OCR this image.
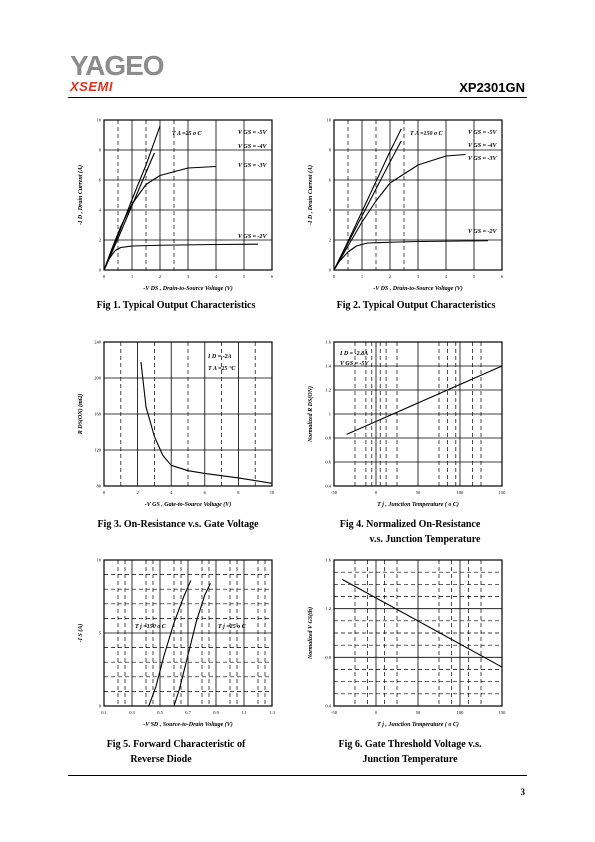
YAGEO
XSEMI	XP2301GN
0	1	2	3	4	5	6
0
2
4
6
8
10
-V DS , Drain-to-Source Voltage (V)
-I D , Drain Current (A)
T A =25 o C	V GS = -5V
V GS = -4V
V GS = -3V
V GS = -2V
0	1	2	3	4	5	6
0
2
4
6
8
10
-V DS , Drain-to-Source Voltage (V)
-I D , Drain Current (A)
T A =150 o C	V GS = -5V
V GS = -4V
V GS = -3V
V GS = -2V
0	2	4	6	8	10
80
120
160
200
240
-V GS , Gate-to-Source Voltage (V)
R DS(ON) (mΩ)
I D = -2A
T A =25 °C
-50	0	50	100	150
0.4
0.6
0.8
1
1.2
1.4
1.6
T j , Junction Temperature ( o C)
Normalized R DS(ON)
I D = -2.8A
V GS = -5V
0.1	0.3	0.5	0.7	0.9	1.1	1.3
0
5
10
-V SD , Source-to-Drain Voltage (V)
-I S (A)	T j =150 o C	T j =25 o C
-50	0	50	100	150
0.4
0.8
1.2
1.6
T j , Junction Temperature ( o C)
Normalized V GS(th)
Fig 1. Typical Output Characteristics	Fig 2. Typical Output Characteristics
Fig 3. On-Resistance v.s. Gate Voltage	Fig 4. Normalized On-Resistance
v.s. Junction Temperature
Fig 5. Forward Characteristic of
Reverse Diode
Fig 6. Gate Threshold Voltage v.s.
Junction Temperature
3
